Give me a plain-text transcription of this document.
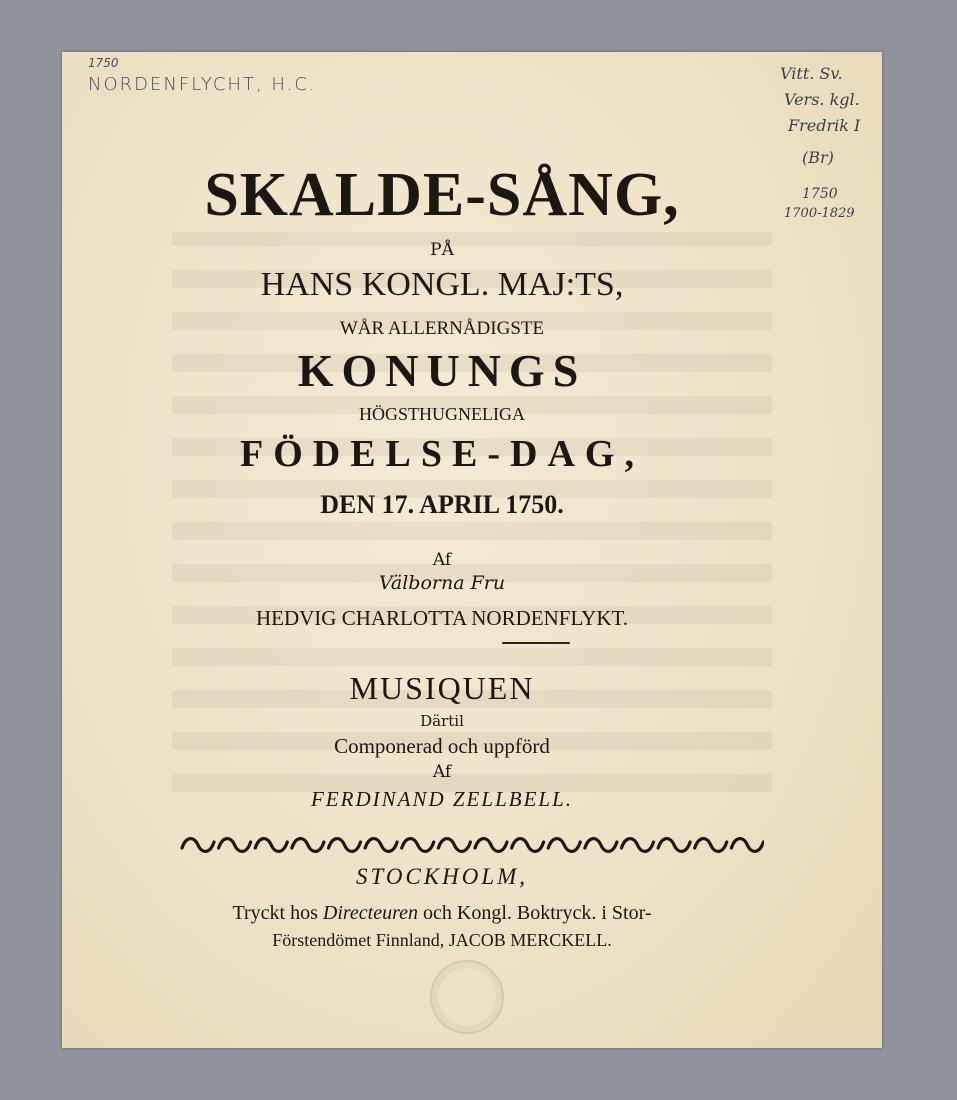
1750
NORDENFLYCHT, H.C.
Vitt. Sv.
Vers. kgl.
Fredrik I
(Br)
1750
1700-1829
SKALDE-SÅNG,
PÅ
HANS KONGL. MAJ:TS,
WÅR ALLERNÅDIGSTE
KONUNGS
HÖGSTHUGNELIGA
FÖDELSE-DAG,
DEN 17. APRIL 1750.
Af
Välborna Fru
HEDVIG CHARLOTTA NORDENFLYKT.
MUSIQUEN
Därtil
Componerad och uppförd
Af
FERDINAND ZELLBELL.
STOCKHOLM,
Tryckt hos Directeuren och Kongl. Boktryck. i Stor-
Förstendömet Finnland, JACOB MERCKELL.
